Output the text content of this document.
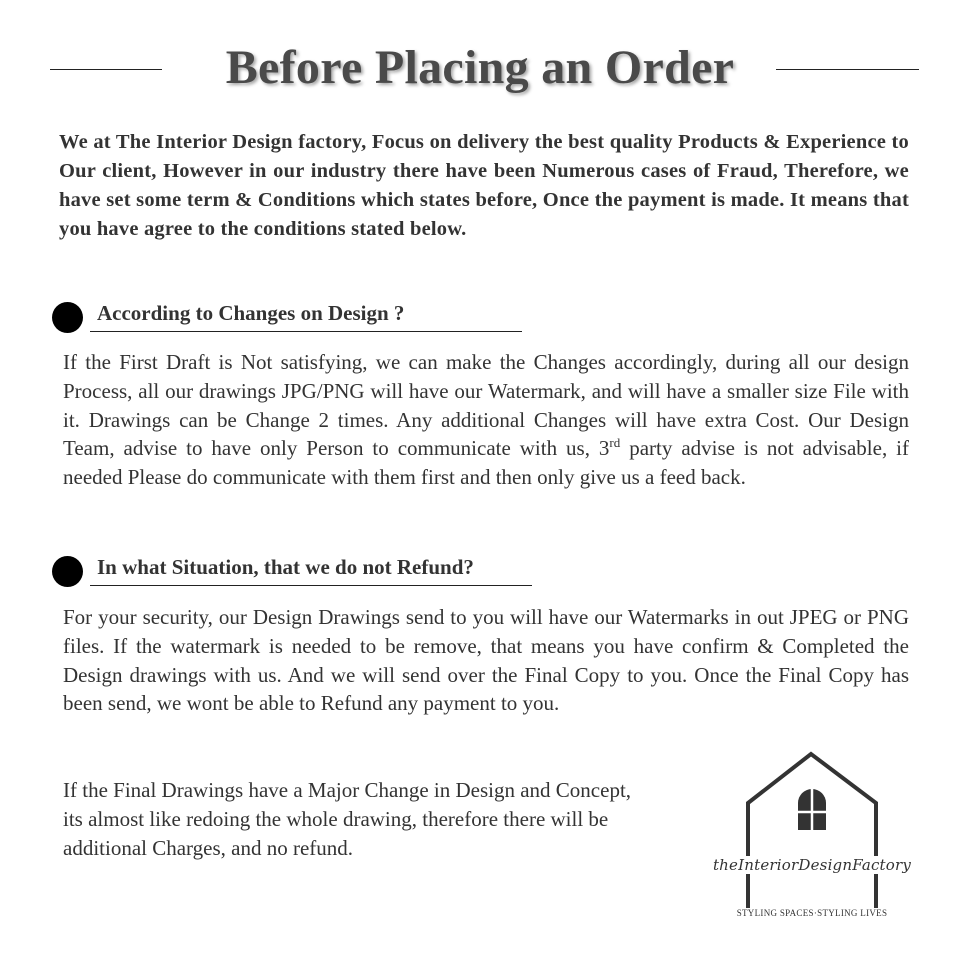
Before Placing an Order
We at The Interior Design factory, Focus on delivery the best quality Products & Experience to Our client, However in our industry there have been Numerous cases of Fraud, Therefore, we have set some term & Conditions which states before, Once the payment is made. It means that you have agree to the conditions stated below.
According to Changes on Design ?
If the First Draft is Not satisfying, we can make the Changes accordingly, during all our design Process, all our drawings JPG/PNG will have our Watermark, and will have a smaller size File with it. Drawings can be Change 2 times. Any additional Changes will have extra Cost. Our Design Team, advise to have only Person to communicate with us, 3rd party advise is not advisable, if needed Please do communicate with them first and then only give us a feed back.
In what Situation, that we do not Refund?
For your security, our Design Drawings send to you will have our Watermarks in out JPEG or PNG files. If the watermark is needed to be remove, that means you have confirm & Completed the Design drawings with us. And we will send over the Final Copy to you. Once the Final Copy has been send, we wont be able to Refund any payment to you.
If the Final Drawings have a Major Change in Design and Concept,
its almost like redoing the whole drawing, therefore there will be
additional Charges, and no refund.
theInteriorDesignFactory
STYLING SPACES·STYLING LIVES
